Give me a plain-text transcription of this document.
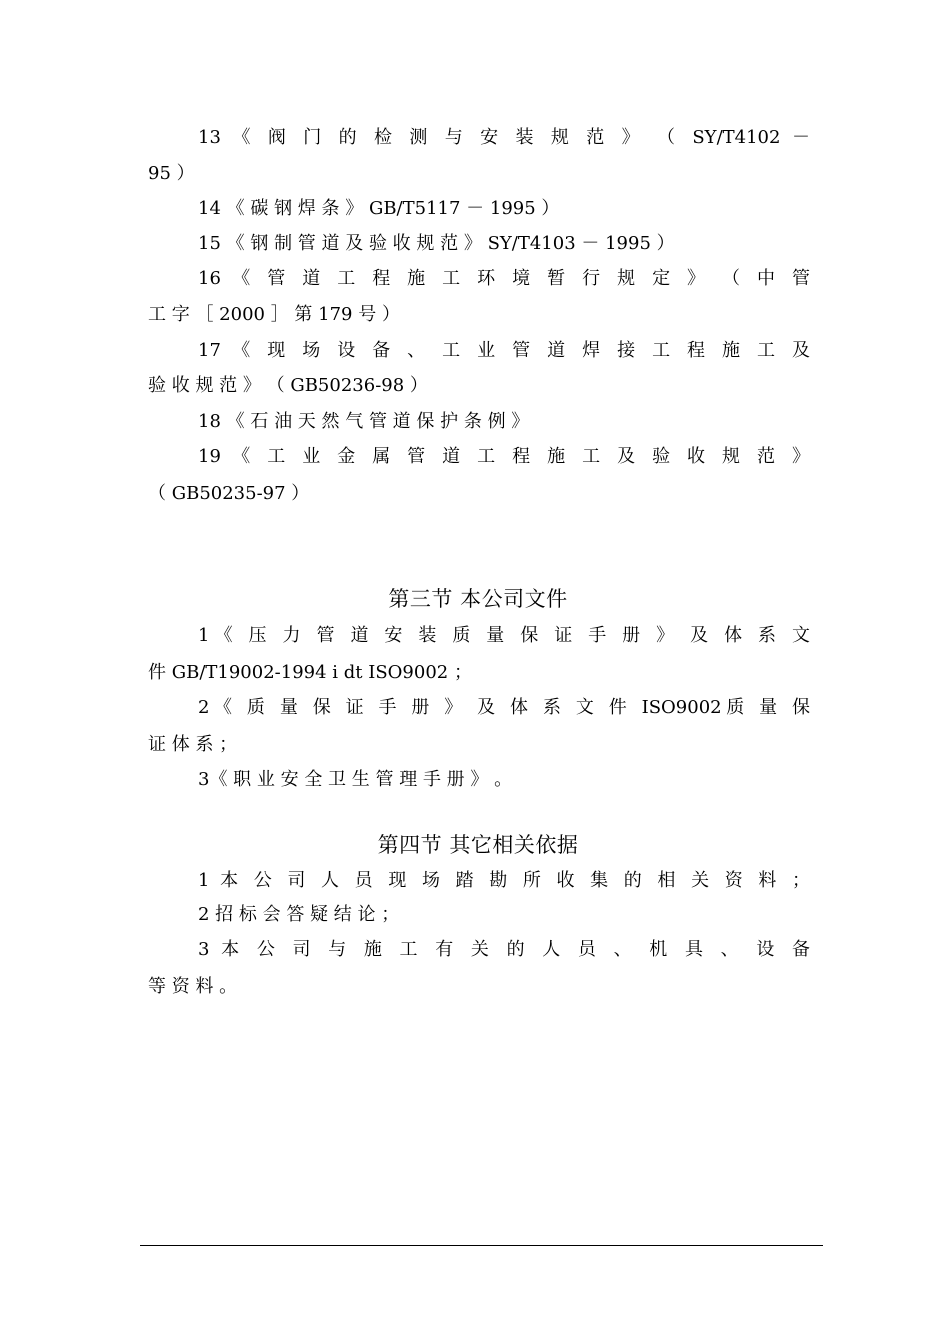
13 《 阀 门 的 检 测 与 安 装 规 范 》 （ SY/T4102 －
95 ）
14 《 碳 钢 焊 条 》 GB/T5117 － 1995 ）
15 《 钢 制 管 道 及 验 收 规 范 》 SY/T4103 － 1995 ）
16 《 管 道 工 程 施 工 环 境 暂 行 规 定 》 （ 中 管
工 字 ［ 2000 ］ 第 179 号 ）
17 《 现 场 设 备 、 工 业 管 道 焊 接 工 程 施 工 及
验 收 规 范 》 （ GB50236-98 ）
18 《 石 油 天 然 气 管 道 保 护 条 例 》
19 《 工 业 金 属 管 道 工 程 施 工 及 验 收 规 范 》
（ GB50235-97 ）
第三节 本公司文件
1《 压 力 管 道 安 装 质 量 保 证 手 册 》 及 体 系 文
件 GB/T19002-1994 i dt ISO9002 ；
2《 质 量 保 证 手 册 》 及 体 系 文 件 ISO9002质 量 保
证 体 系 ；
3《 职 业 安 全 卫 生 管 理 手 册 》 。
第四节 其它相关依据
1 本 公 司 人 员 现 场 踏 勘 所 收 集 的 相 关 资 料 ；
2 招 标 会 答 疑 结 论 ；
3 本 公 司 与 施 工 有 关 的 人 员 、 机 具 、 设 备
等 资 料 。
